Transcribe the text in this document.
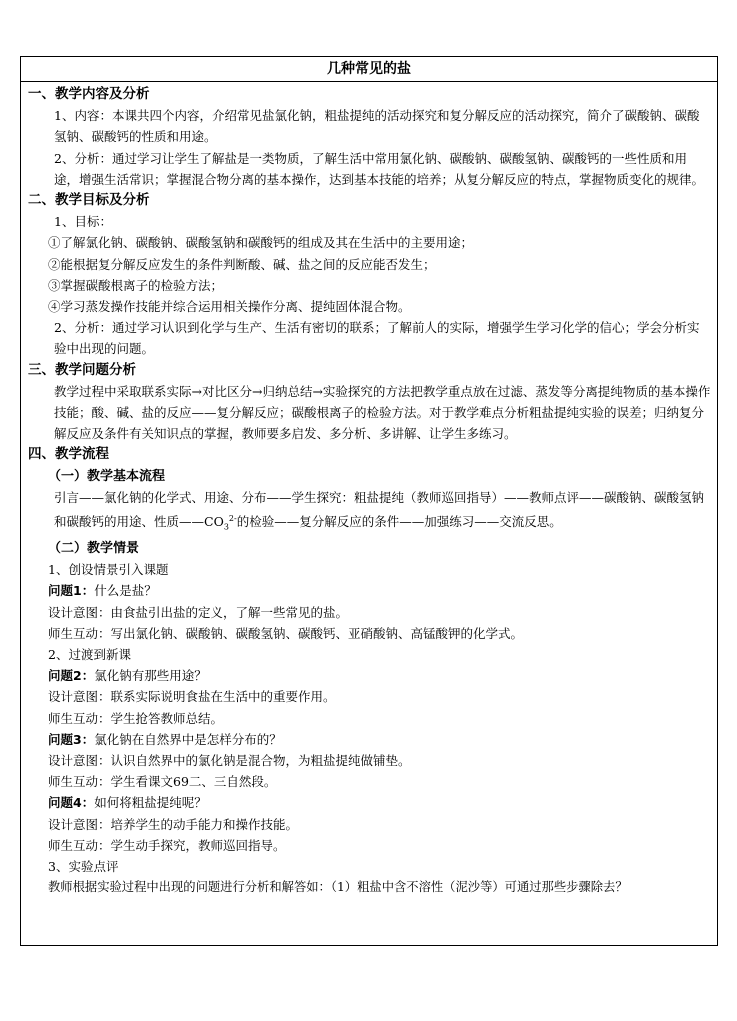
几种常见的盐

一、教学内容及分析

1、内容：本课共四个内容，介绍常见盐氯化钠，粗盐提纯的活动探究和复分解反应的活动探究，简介了碳酸钠、碳酸氢钠、碳酸钙的性质和用途。

2、分析：通过学习让学生了解盐是一类物质，了解生活中常用氯化钠、碳酸钠、碳酸氢钠、碳酸钙的一些性质和用途，增强生活常识；掌握混合物分离的基本操作，达到基本技能的培养；从复分解反应的特点，掌握物质变化的规律。

二、教学目标及分析

1、目标：

①了解氯化钠、碳酸钠、碳酸氢钠和碳酸钙的组成及其在生活中的主要用途；

②能根据复分解反应发生的条件判断酸、碱、盐之间的反应能否发生；

③掌握碳酸根离子的检验方法；

④学习蒸发操作技能并综合运用相关操作分离、提纯固体混合物。

2、分析：通过学习认识到化学与生产、生活有密切的联系；了解前人的实际，增强学生学习化学的信心；学会分析实验中出现的问题。

三、教学问题分析

教学过程中采取联系实际→对比区分→归纳总结→实验探究的方法把教学重点放在过滤、蒸发等分离提纯物质的基本操作技能；酸、碱、盐的反应——复分解反应；碳酸根离子的检验方法。对于教学难点分析粗盐提纯实验的误差；归纳复分解反应及条件有关知识点的掌握，教师要多启发、多分析、多讲解、让学生多练习。

四、教学流程

（一）教学基本流程

引言——氯化钠的化学式、用途、分布——学生探究：粗盐提纯（教师巡回指导）——教师点评——碳酸钠、碳酸氢钠和碳酸钙的用途、性质$——CO_3^{2-}$的检验——复分解反应的条件——加强练习——交流反思。

（二）教学情景

1、创设情景引入课题

问题1：什么是盐？

设计意图：由食盐引出盐的定义，了解一些常见的盐。

师生互动：写出氯化钠、碳酸钠、碳酸氢钠、碳酸钙、亚硝酸钠、高锰酸钾的化学式。

2、过渡到新课

问题2：氯化钠有那些用途？

设计意图：联系实际说明食盐在生活中的重要作用。

师生互动：学生抢答教师总结。

问题3：氯化钠在自然界中是怎样分布的？

设计意图：认识自然界中的氯化钠是混合物，为粗盐提纯做铺垫。

师生互动：学生看课文69二、三自然段。

问题4：如何将粗盐提纯呢？

设计意图：培养学生的动手能力和操作技能。

师生互动：学生动手探究，教师巡回指导。

3、实验点评

教师根据实验过程中出现的问题进行分析和解答如：（1）粗盐中含不溶性（泥沙等）可通过那些步骤除去？
